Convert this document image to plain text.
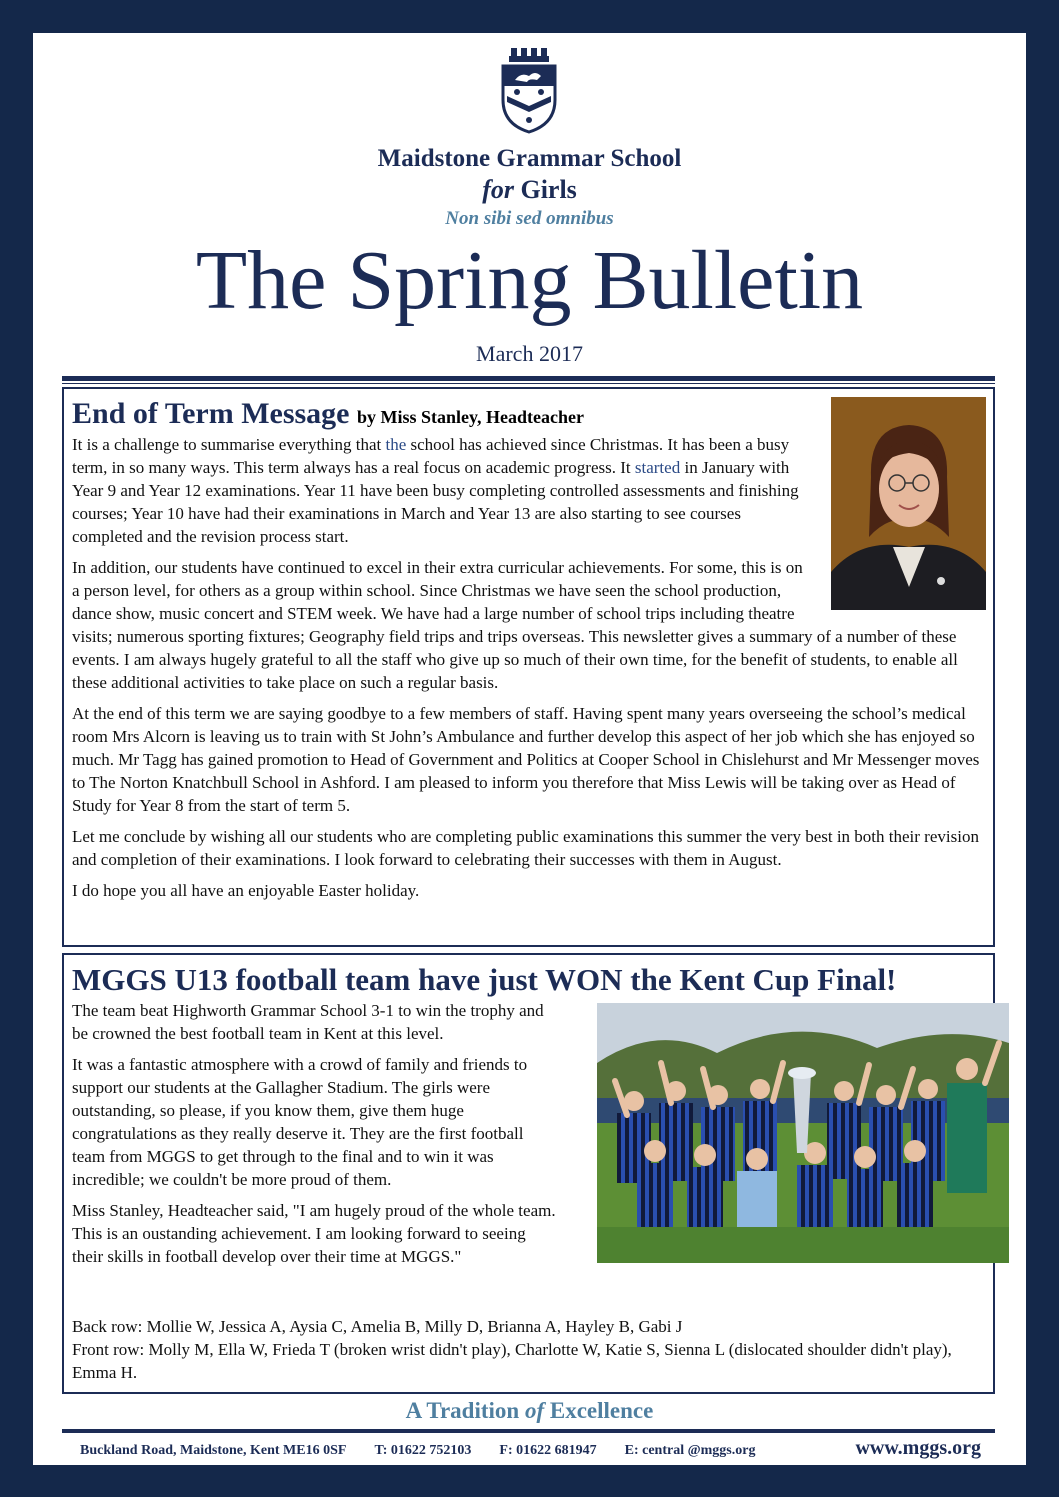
Maidstone Grammar School
for Girls
Non sibi sed omnibus
The Spring Bulletin
March 2017
End of Term Message by Miss Stanley, Headteacher

It is a challenge to summarise everything that the school has achieved since Christmas. It has been a busy term, in so many ways. This term always has a real focus on academic progress. It started in January with Year 9 and Year 12 examinations. Year 11 have been busy completing controlled assessments and finishing courses; Year 10 have had their examinations in March and Year 13 are also starting to see courses completed and the revision process start.

In addition, our students have continued to excel in their extra curricular achievements. For some, this is on a person level, for others as a group within school. Since Christmas we have seen the school production, dance show, music concert and STEM week. We have had a large number of school trips including theatre visits; numerous sporting fixtures; Geography field trips and trips overseas. This newsletter gives a summary of a number of these events. I am always hugely grateful to all the staff who give up so much of their own time, for the benefit of students, to enable all these additional activities to take place on such a regular basis.

At the end of this term we are saying goodbye to a few members of staff. Having spent many years overseeing the school’s medical room Mrs Alcorn is leaving us to train with St John’s Ambulance and further develop this aspect of her job which she has enjoyed so much. Mr Tagg has gained promotion to Head of Government and Politics at Cooper School in Chislehurst and Mr Messenger moves to The Norton Knatchbull School in Ashford. I am pleased to inform you therefore that Miss Lewis will be taking over as Head of Study for Year 8 from the start of term 5.

Let me conclude by wishing all our students who are completing public examinations this summer the very best in both their revision and completion of their examinations. I look forward to celebrating their successes with them in August.

I do hope you all have an enjoyable Easter holiday.

MGGS U13 football team have just WON the Kent Cup Final!

The team beat Highworth Grammar School 3-1 to win the trophy and be crowned the best football team in Kent at this level.

It was a fantastic atmosphere with a crowd of family and friends to support our students at the Gallagher Stadium. The girls were outstanding, so please, if you know them, give them huge congratulations as they really deserve it. They are the first football team from MGGS to get through to the final and to win it was incredible; we couldn't be more proud of them.

Miss Stanley, Headteacher said, "I am hugely proud of the whole team. This is an oustanding achievement. I am looking forward to seeing their skills in football develop over their time at MGGS."

Back row: Mollie W, Jessica A, Aysia C, Amelia B, Milly D, Brianna A, Hayley B, Gabi J

Front row: Molly M, Ella W, Frieda T (broken wrist didn't play), Charlotte W, Katie S, Sienna L (dislocated shoulder didn't play), Emma H.

A Tradition of Excellence
Buckland Road, Maidstone, Kent ME16 0SF T: 01622 752103 F: 01622 681947 E: central @mggs.org	www.mggs.org
